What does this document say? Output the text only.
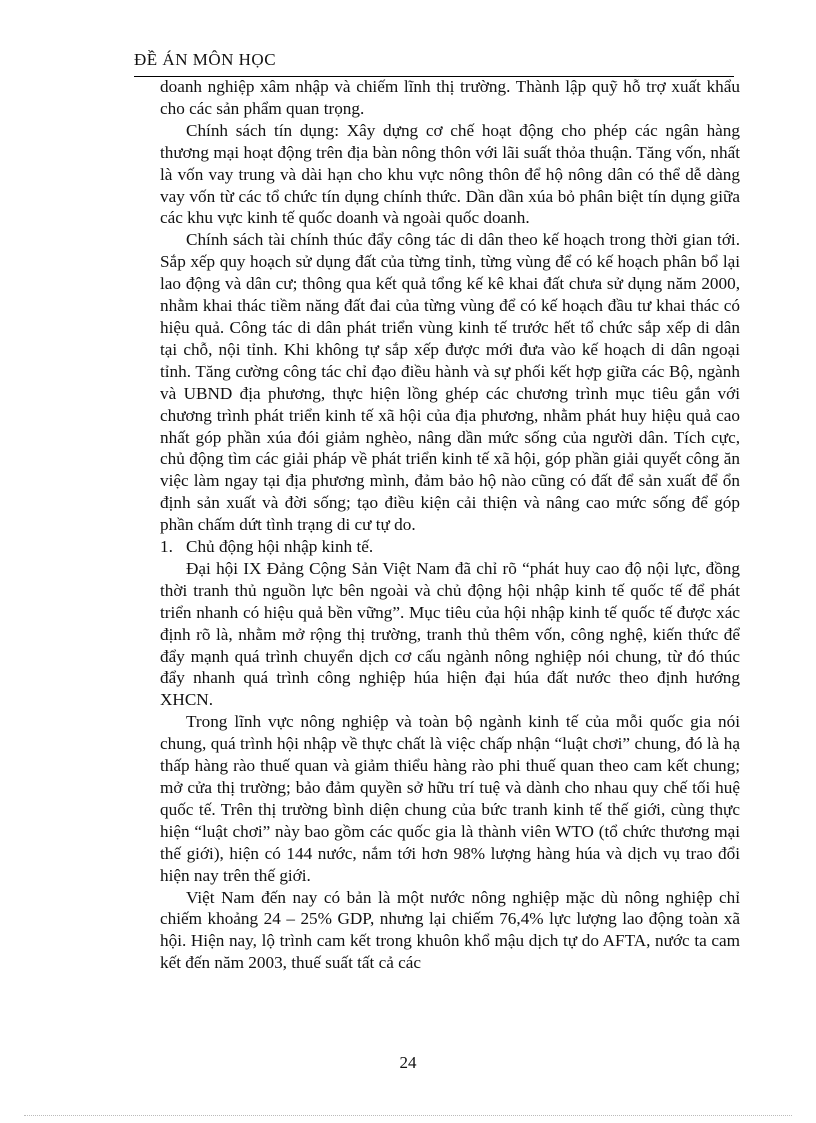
ĐỀ ÁN MÔN HỌC

doanh nghiệp xâm nhập và chiếm lĩnh thị trường. Thành lập quỹ hỗ trợ xuất khẩu cho các sản phẩm quan trọng.

Chính sách tín dụng: Xây dựng cơ chế hoạt động cho phép các ngân hàng thương mại hoạt động trên địa bàn nông thôn với lãi suất thỏa thuận. Tăng vốn, nhất là vốn vay trung và dài hạn cho khu vực nông thôn để hộ nông dân có thể dễ dàng vay vốn từ các tổ chức tín dụng chính thức. Dần dần xúa bỏ phân biệt tín dụng giữa các khu vực kinh tế quốc doanh và ngoài quốc doanh.

Chính sách tài chính thúc đẩy công tác di dân theo kế hoạch trong thời gian tới. Sắp xếp quy hoạch sử dụng đất của từng tỉnh, từng vùng để có kế hoạch phân bổ lại lao động và dân cư; thông qua kết quả tổng kế kê khai đất chưa sử dụng năm 2000, nhằm khai thác tiềm năng đất đai của từng vùng để có kế hoạch đầu tư khai thác có hiệu quả. Công tác di dân phát triển vùng kinh tế trước hết tổ chức sắp xếp di dân tại chỗ, nội tỉnh. Khi không tự sắp xếp được mới đưa vào kế hoạch di dân ngoại tỉnh. Tăng cường công tác chỉ đạo điều hành và sự phối kết hợp giữa các Bộ, ngành và UBND địa phương, thực hiện lồng ghép các chương trình mục tiêu gắn với chương trình phát triển kinh tế xã hội của địa phương, nhằm phát huy hiệu quả cao nhất góp phần xúa đói giảm nghèo, nâng dần mức sống của người dân. Tích cực, chủ động tìm các giải pháp về phát triển kinh tế xã hội, góp phần giải quyết công ăn việc làm ngay tại địa phương mình, đảm bảo hộ nào cũng có đất để sản xuất để ổn định sản xuất và đời sống; tạo điều kiện cải thiện và nâng cao mức sống để góp phần chấm dứt tình trạng di cư tự do.

1. Chủ động hội nhập kinh tế.

Đại hội IX Đảng Cộng Sản Việt Nam đã chỉ rõ “phát huy cao độ nội lực, đồng thời tranh thủ nguồn lực bên ngoài và chủ động hội nhập kinh tế quốc tế để phát triển nhanh có hiệu quả bền vững”. Mục tiêu của hội nhập kinh tế quốc tế được xác định rõ là, nhằm mở rộng thị trường, tranh thủ thêm vốn, công nghệ, kiến thức để đẩy mạnh quá trình chuyển dịch cơ cấu ngành nông nghiệp nói chung, từ đó thúc đẩy nhanh quá trình công nghiệp húa hiện đại húa đất nước theo định hướng XHCN.

Trong lĩnh vực nông nghiệp và toàn bộ ngành kinh tế của mỗi quốc gia nói chung, quá trình hội nhập về thực chất là việc chấp nhận “luật chơi” chung, đó là hạ thấp hàng rào thuế quan và giảm thiểu hàng rào phi thuế quan theo cam kết chung; mở cửa thị trường; bảo đảm quyền sở hữu trí tuệ và dành cho nhau quy chế tối huệ quốc tế. Trên thị trường bình diện chung của bức tranh kinh tế thế giới, cùng thực hiện “luật chơi” này bao gồm các quốc gia là thành viên WTO (tổ chức thương mại thế giới), hiện có 144 nước, nắm tới hơn 98% lượng hàng húa và dịch vụ trao đổi hiện nay trên thế giới.

Việt Nam đến nay có bản là một nước nông nghiệp mặc dù nông nghiệp chỉ chiếm khoảng 24 – 25% GDP, nhưng lại chiếm 76,4% lực lượng lao động toàn xã hội. Hiện nay, lộ trình cam kết trong khuôn khổ mậu dịch tự do AFTA, nước ta cam kết đến năm 2003, thuế suất tất cả các

24
